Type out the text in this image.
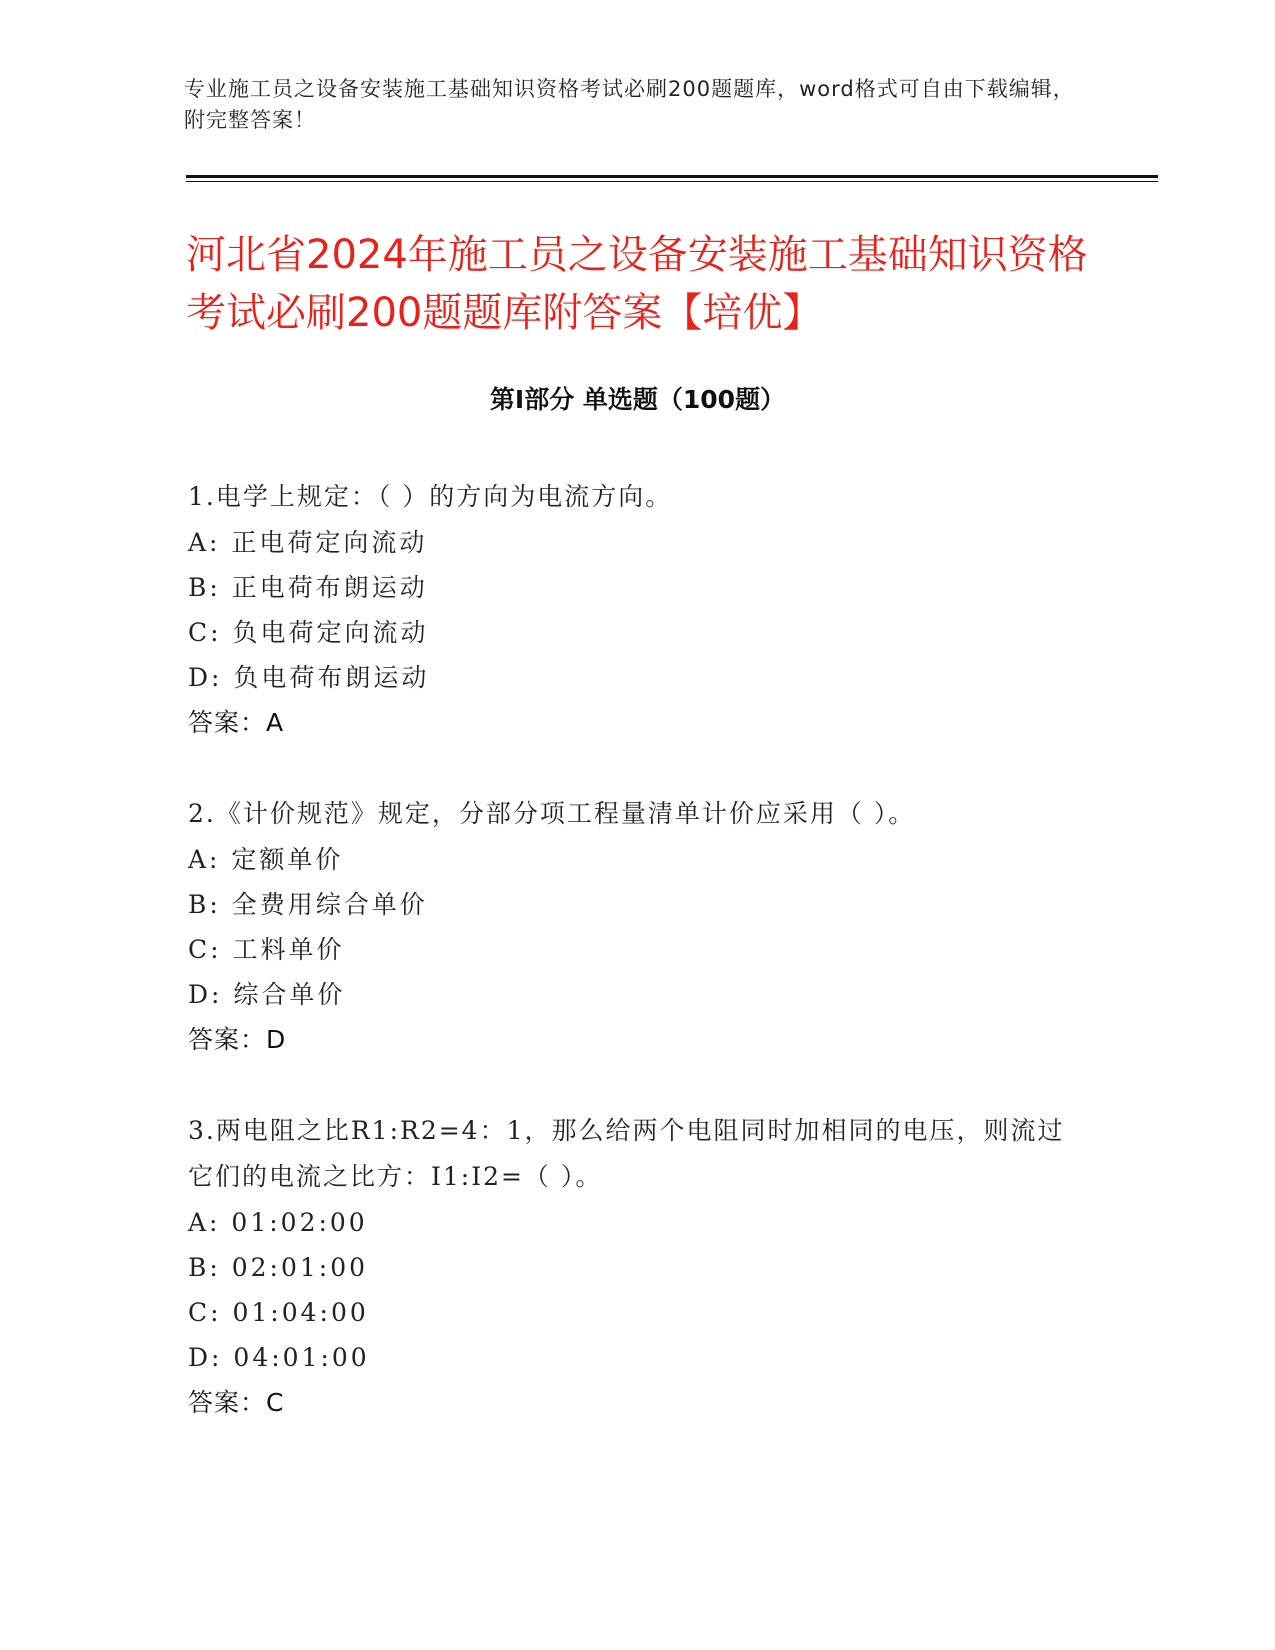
专业施工员之设备安装施工基础知识资格考试必刷200题题库，word格式可自由下载编辑，附完整答案！
河北省2024年施工员之设备安装施工基础知识资格考试必刷200题题库附答案【培优】
第I部分 单选题（100题）
1.电学上规定：（ ）的方向为电流方向。
A: 正电荷定向流动
B: 正电荷布朗运动
C: 负电荷定向流动
D: 负电荷布朗运动
答案：A
2.《计价规范》规定，分部分项工程量清单计价应采用（ ）。
A: 定额单价
B: 全费用综合单价
C: 工料单价
D: 综合单价
答案：D
3.两电阻之比R1:R2=4：1，那么给两个电阻同时加相同的电压，则流过它们的电流之比方：I1:I2=（ ）。
A: 01:02:00
B: 02:01:00
C: 01:04:00
D: 04:01:00
答案：C
